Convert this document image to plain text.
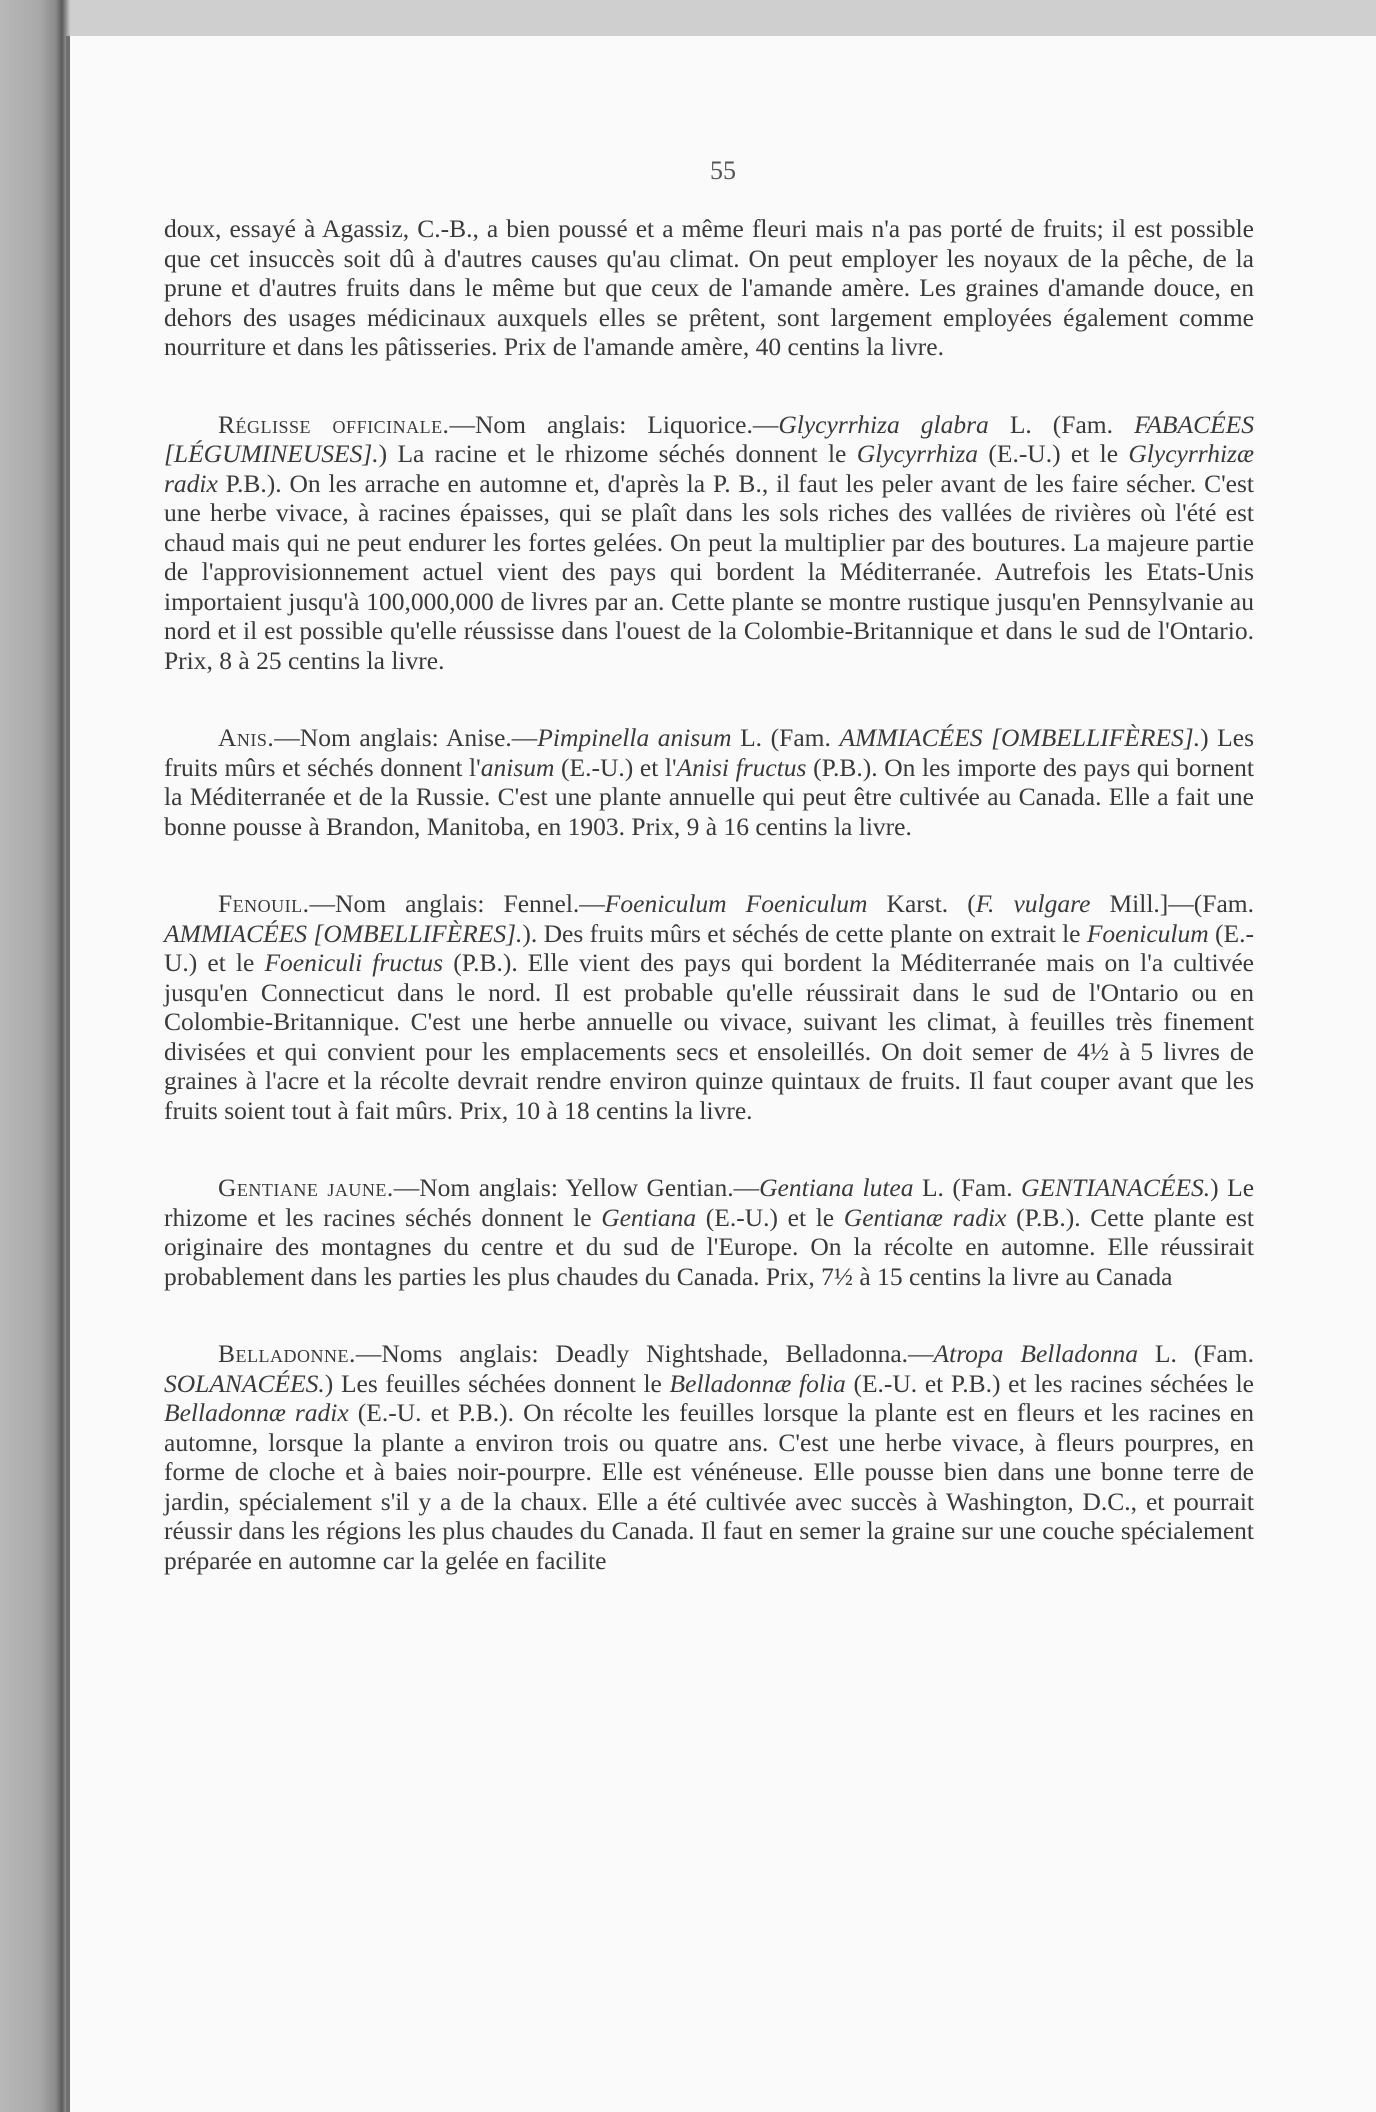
55

doux, essayé à Agassiz, C.-B., a bien poussé et a même fleuri mais n'a pas porté de fruits; il est possible que cet insuccès soit dû à d'autres causes qu'au climat. On peut employer les noyaux de la pêche, de la prune et d'autres fruits dans le même but que ceux de l'amande amère. Les graines d'amande douce, en dehors des usages médicinaux auxquels elles se prêtent, sont largement employées également comme nourriture et dans les pâtisseries. Prix de l'amande amère, 40 centins la livre.

Réglisse officinale.—Nom anglais: Liquorice.—Glycyrrhiza glabra L. (Fam. FABACÉES [LÉGUMINEUSES].) La racine et le rhizome séchés donnent le Glycyrrhiza (E.-U.) et le Glycyrrhizæ radix P.B.). On les arrache en automne et, d'après la P. B., il faut les peler avant de les faire sécher. C'est une herbe vivace, à racines épaisses, qui se plaît dans les sols riches des vallées de rivières où l'été est chaud mais qui ne peut endurer les fortes gelées. On peut la multiplier par des boutures. La majeure partie de l'approvisionnement actuel vient des pays qui bordent la Méditerranée. Autrefois les Etats-Unis importaient jusqu'à 100,000,000 de livres par an. Cette plante se montre rustique jusqu'en Pennsylvanie au nord et il est possible qu'elle réussisse dans l'ouest de la Colombie-Britannique et dans le sud de l'Ontario. Prix, 8 à 25 centins la livre.

Anis.—Nom anglais: Anise.—Pimpinella anisum L. (Fam. AMMIACÉES [OMBELLIFÈRES].) Les fruits mûrs et séchés donnent l'anisum (E.-U.) et l'Anisi fructus (P.B.). On les importe des pays qui bornent la Méditerranée et de la Russie. C'est une plante annuelle qui peut être cultivée au Canada. Elle a fait une bonne pousse à Brandon, Manitoba, en 1903. Prix, 9 à 16 centins la livre.

Fenouil.—Nom anglais: Fennel.—Foeniculum Foeniculum Karst. (F. vulgare Mill.]—(Fam. AMMIACÉES [OMBELLIFÈRES].). Des fruits mûrs et séchés de cette plante on extrait le Foeniculum (E.-U.) et le Foeniculi fructus (P.B.). Elle vient des pays qui bordent la Méditerranée mais on l'a cultivée jusqu'en Connecticut dans le nord. Il est probable qu'elle réussirait dans le sud de l'Ontario ou en Colombie-Britannique. C'est une herbe annuelle ou vivace, suivant les climat, à feuilles très finement divisées et qui convient pour les emplacements secs et ensoleillés. On doit semer de 4½ à 5 livres de graines à l'acre et la récolte devrait rendre environ quinze quintaux de fruits. Il faut couper avant que les fruits soient tout à fait mûrs. Prix, 10 à 18 centins la livre.

Gentiane jaune.—Nom anglais: Yellow Gentian.—Gentiana lutea L. (Fam. GENTIANACÉES.) Le rhizome et les racines séchés donnent le Gentiana (E.-U.) et le Gentianæ radix (P.B.). Cette plante est originaire des montagnes du centre et du sud de l'Europe. On la récolte en automne. Elle réussirait probablement dans les parties les plus chaudes du Canada. Prix, 7½ à 15 centins la livre au Canada

Belladonne.—Noms anglais: Deadly Nightshade, Belladonna.—Atropa Belladonna L. (Fam. SOLANACÉES.) Les feuilles séchées donnent le Belladonnæ folia (E.-U. et P.B.) et les racines séchées le Belladonnæ radix (E.-U. et P.B.). On récolte les feuilles lorsque la plante est en fleurs et les racines en automne, lorsque la plante a environ trois ou quatre ans. C'est une herbe vivace, à fleurs pourpres, en forme de cloche et à baies noir-pourpre. Elle est vénéneuse. Elle pousse bien dans une bonne terre de jardin, spécialement s'il y a de la chaux. Elle a été cultivée avec succès à Washington, D.C., et pourrait réussir dans les régions les plus chaudes du Canada. Il faut en semer la graine sur une couche spécialement préparée en automne car la gelée en facilite
